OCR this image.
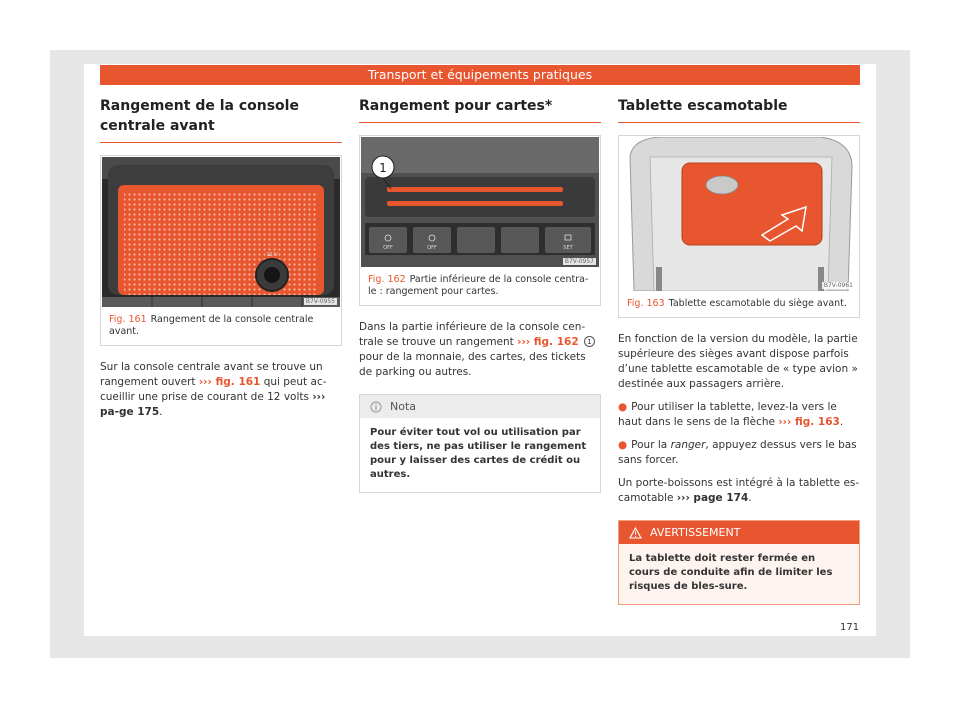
Transport et équipements pratiques
Rangement de la console centrale avant
12 V
B7V-0955
Fig. 161 Rangement de la console centrale avant.

Sur la console centrale avant se trouve un rangement ouvert ››› fig. 161 qui peut ac-cueillir une prise de courant de 12 volts ››› pa-ge 175.

Rangement pour cartes*
OFF	OFF	SET
1
B7V-0957
Fig. 162 Partie inférieure de la console centra-le : rangement pour cartes.

Dans la partie inférieure de la console cen-trale se trouve un rangement ››› fig. 162 1 pour de la monnaie, des cartes, des tickets de parking ou autres.

Nota
Pour éviter tout vol ou utilisation par des tiers, ne pas utiliser le rangement pour y laisser des cartes de crédit ou autres.
Tablette escamotable
B7V-0961
Fig. 163 Tablette escamotable du siège avant.

En fonction de la version du modèle, la partie supérieure des sièges avant dispose parfois d’une tablette escamotable de « type avion » destinée aux passagers arrière.

● Pour utiliser la tablette, levez-la vers le haut dans le sens de la flèche ››› fig. 163.

● Pour la ranger, appuyez dessus vers le bas sans forcer.

Un porte-boissons est intégré à la tablette es-camotable ››› page 174.

AVERTISSEMENT
La tablette doit rester fermée en cours de conduite afin de limiter les risques de bles-sure.
171
